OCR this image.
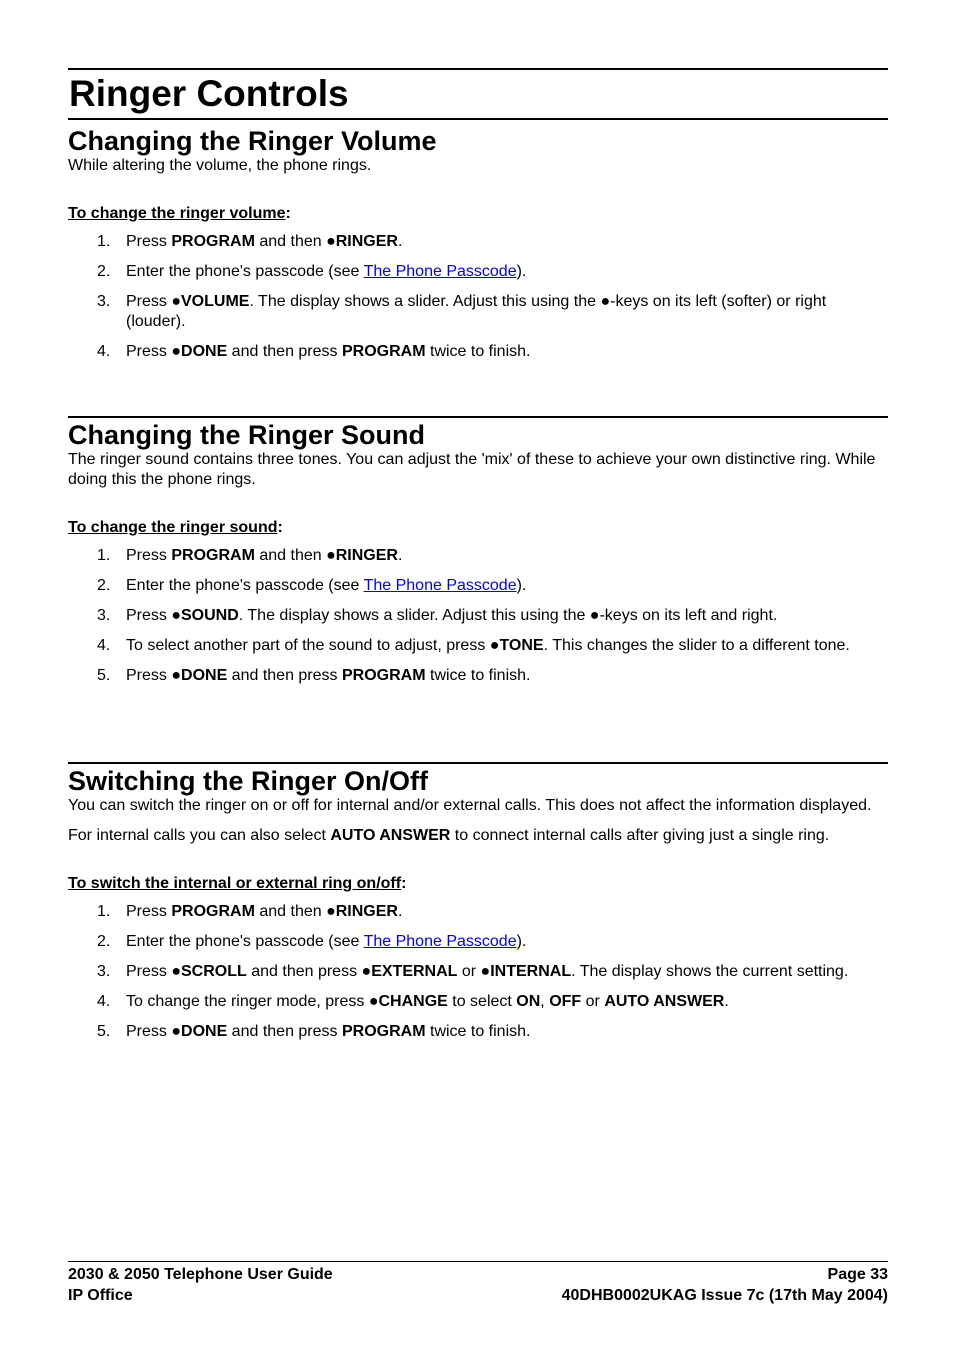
Ringer Controls
Changing the Ringer Volume

While altering the volume, the phone rings.

To change the ringer volume:
1. Press PROGRAM and then ●RINGER.
2. Enter the phone's passcode (see The Phone Passcode).
3. Press ●VOLUME. The display shows a slider. Adjust this using the ●-keys on its left (softer) or right (louder).
4. Press ●DONE and then press PROGRAM twice to finish.
Changing the Ringer Sound

The ringer sound contains three tones. You can adjust the 'mix' of these to achieve your own distinctive ring. While doing this the phone rings.

To change the ringer sound:
1. Press PROGRAM and then ●RINGER.
2. Enter the phone's passcode (see The Phone Passcode).
3. Press ●SOUND. The display shows a slider. Adjust this using the ●-keys on its left and right.
4. To select another part of the sound to adjust, press ●TONE. This changes the slider to a different tone.
5. Press ●DONE and then press PROGRAM twice to finish.
Switching the Ringer On/Off

You can switch the ringer on or off for internal and/or external calls. This does not affect the information displayed.

For internal calls you can also select AUTO ANSWER to connect internal calls after giving just a single ring.

To switch the internal or external ring on/off:
1. Press PROGRAM and then ●RINGER.
2. Enter the phone's passcode (see The Phone Passcode).
3. Press ●SCROLL and then press ●EXTERNAL or ●INTERNAL. The display shows the current setting.
4. To change the ringer mode, press ●CHANGE to select ON, OFF or AUTO ANSWER.
5. Press ●DONE and then press PROGRAM twice to finish.
2030 & 2050 Telephone User Guide	Page 33
IP Office	40DHB0002UKAG Issue 7c (17th May 2004)
